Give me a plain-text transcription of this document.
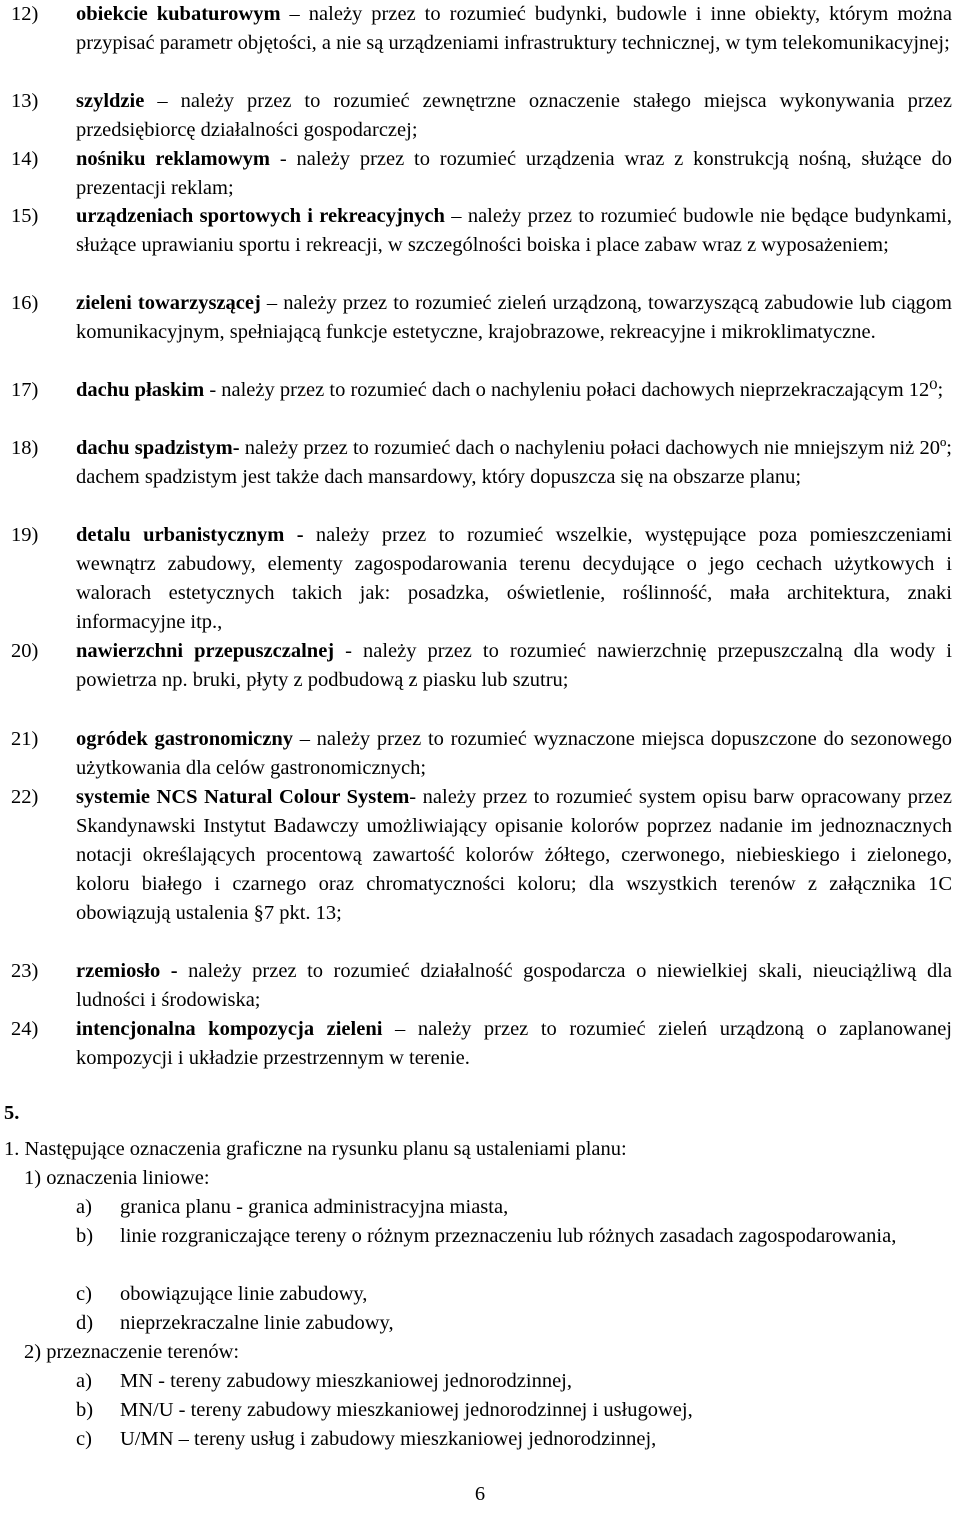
12)	obiekcie kubaturowym – należy przez to rozumieć budynki, budowle i inne obiekty, którym można przypisać parametr objętości, a nie są urządzeniami infrastruktury technicznej, w tym telekomunikacyjnej;
13)	szyldzie – należy przez to rozumieć zewnętrzne oznaczenie stałego miejsca wykonywania przez przedsiębiorcę działalności gospodarczej;
14)	nośniku reklamowym - należy przez to rozumieć urządzenia wraz z konstrukcją nośną, służące do prezentacji reklam;
15)	urządzeniach sportowych i rekreacyjnych – należy przez to rozumieć budowle nie będące budynkami, służące uprawianiu sportu i rekreacji, w szczególności boiska i place zabaw wraz z wyposażeniem;
16)	zieleni towarzyszącej – należy przez to rozumieć zieleń urządzoną, towarzyszącą zabudowie lub ciągom komunikacyjnym, spełniającą funkcje estetyczne, krajobrazowe, rekreacyjne i mikroklimatyczne.
17)	dachu płaskim - należy przez to rozumieć dach o nachyleniu połaci dachowych nieprzekraczającym 12⁰;
18)	dachu spadzistym- należy przez to rozumieć dach o nachyleniu połaci dachowych nie mniejszym niż 20º; dachem spadzistym jest także dach mansardowy, który dopuszcza się na obszarze planu;
19)	detalu urbanistycznym - należy przez to rozumieć wszelkie, występujące poza pomieszczeniami wewnątrz zabudowy, elementy zagospodarowania terenu decydujące o jego cechach użytkowych i walorach estetycznych takich jak: posadzka, oświetlenie, roślinność, mała architektura, znaki informacyjne itp.,
20)	nawierzchni przepuszczalnej - należy przez to rozumieć nawierzchnię przepuszczalną dla wody i powietrza np. bruki, płyty z podbudową z piasku lub szutru;
21)	ogródek gastronomiczny – należy przez to rozumieć wyznaczone miejsca dopuszczone do sezonowego użytkowania dla celów gastronomicznych;
22)	systemie NCS Natural Colour System- należy przez to rozumieć system opisu barw opracowany przez Skandynawski Instytut Badawczy umożliwiający opisanie kolorów poprzez nadanie im jednoznacznych notacji określających procentową zawartość kolorów żółtego, czerwonego, niebieskiego i zielonego, koloru białego i czarnego oraz chromatyczności koloru; dla wszystkich terenów z załącznika 1C obowiązują ustalenia §7 pkt. 13;
23)	rzemiosło - należy przez to rozumieć działalność gospodarcza o niewielkiej skali, nieuciążliwą dla ludności i środowiska;
24)	intencjonalna kompozycja zieleni – należy przez to rozumieć zieleń urządzoną o zaplanowanej kompozycji i układzie przestrzennym w terenie.
5.
1. Następujące oznaczenia graficzne na rysunku planu są ustaleniami planu:
1) oznaczenia liniowe:
a)	granica planu - granica administracyjna miasta,
b)	linie rozgraniczające tereny o różnym przeznaczeniu lub różnych zasadach zagospodarowania,
c)	obowiązujące linie zabudowy,
d)	nieprzekraczalne linie zabudowy,
2) przeznaczenie terenów:
a)	MN - tereny zabudowy mieszkaniowej jednorodzinnej,
b)	MN/U - tereny zabudowy mieszkaniowej jednorodzinnej i usługowej,
c)	U/MN – tereny usług i zabudowy mieszkaniowej jednorodzinnej,
6
